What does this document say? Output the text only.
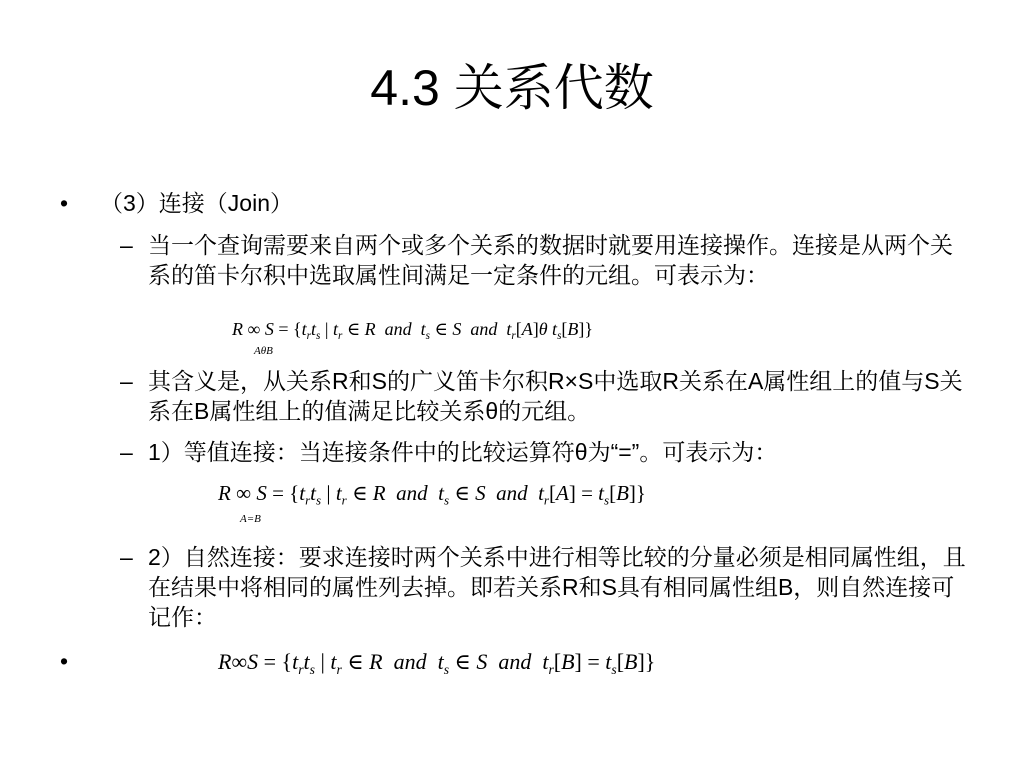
4.3 关系代数
• （3）连接（Join）
– 当一个查询需要来自两个或多个关系的数据时就要用连接操作。连接是从两个关系的笛卡尔积中选取属性间满足一定条件的元组。可表示为：
R ∞ $S = \{t_rt_s$ | $t_r$ ∈ R and $t_s$ ∈ S and $t_r[A]\theta$ $t_s[B]$}
AθB
– 其含义是，从关系R和S的广义笛卡尔积R×S中选取R关系在A属性组上的值与S关系在B属性组上的值满足比较关系θ的元组。
– 1）等值连接：当连接条件中的比较运算符θ为“=”。可表示为：
R ∞ $S = \{t_rt_s$ | $t_r$ ∈ R and $t_s$ ∈ S and $t_r[A] = t_s[B]$}
A=B
– 2）自然连接：要求连接时两个关系中进行相等比较的分量必须是相同属性组，且在结果中将相同的属性列去掉。即若关系R和S具有相同属性组B，则自然连接可记作：
•	$R\infty S = \{t_rt_s$ | $t_r$ ∈ R and $t_s$ ∈ S and $t_r[B] = t_s[B]$}
